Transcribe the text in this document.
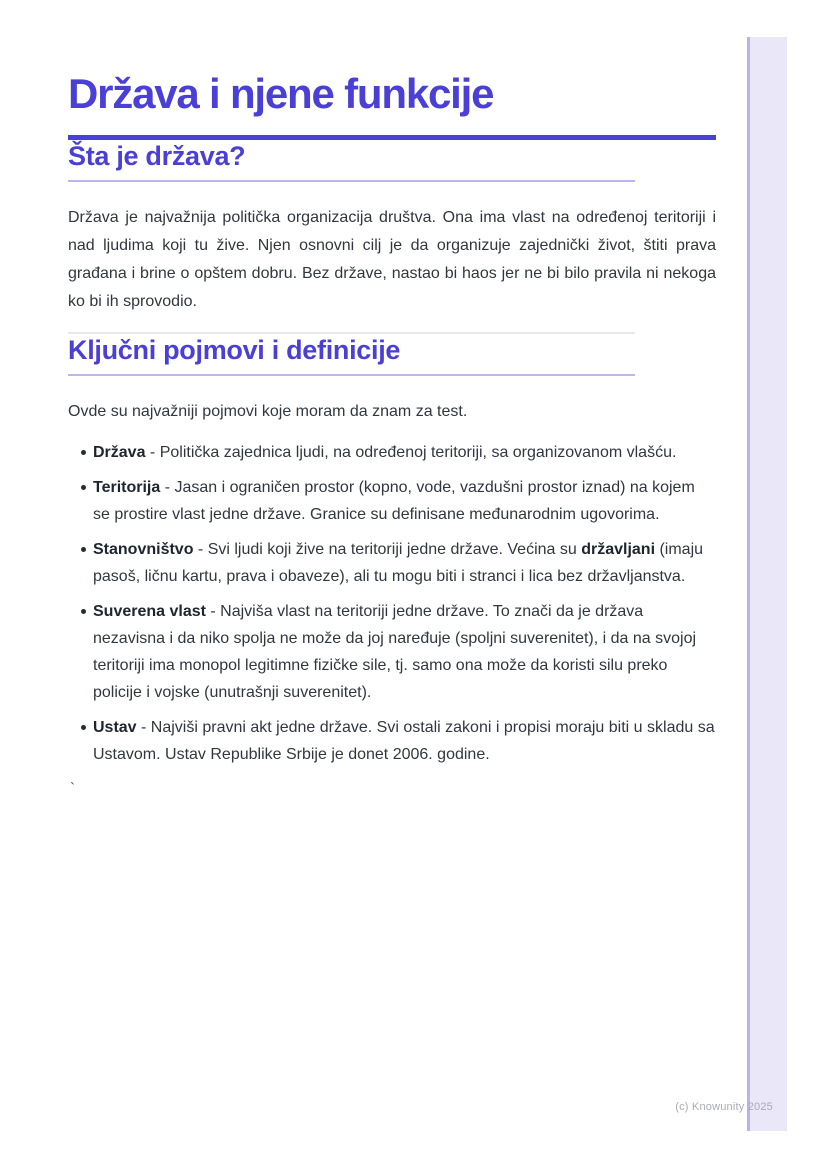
Država i njene funkcije
Šta je država?

Država je najvažnija politička organizacija društva. Ona ima vlast na određenoj teritoriji i nad ljudima koji tu žive. Njen osnovni cilj je da organizuje zajednički život, štiti prava građana i brine o opštem dobru. Bez države, nastao bi haos jer ne bi bilo pravila ni nekoga ko bi ih sprovodio.

Ključni pojmovi i definicije

Ovde su najvažniji pojmovi koje moram da znam za test.

Država - Politička zajednica ljudi, na određenoj teritoriji, sa organizovanom vlašću.
Teritorija - Jasan i ograničen prostor (kopno, vode, vazdušni prostor iznad) na kojem se prostire vlast jedne države. Granice su definisane međunarodnim ugovorima.
Stanovništvo - Svi ljudi koji žive na teritoriji jedne države. Većina su državljani (imaju pasoš, ličnu kartu, prava i obaveze), ali tu mogu biti i stranci i lica bez državljanstva.
Suverena vlast - Najviša vlast na teritoriji jedne države. To znači da je država nezavisna i da niko spolja ne može da joj naređuje (spoljni suverenitet), i da na svojoj teritoriji ima monopol legitimne fizičke sile, tj. samo ona može da koristi silu preko policije i vojske (unutrašnji suverenitet).
Ustav - Najviši pravni akt jedne države. Svi ostali zakoni i propisi moraju biti u skladu sa Ustavom. Ustav Republike Srbije je donet 2006. godine.
`
(c) Knowunity 2025
